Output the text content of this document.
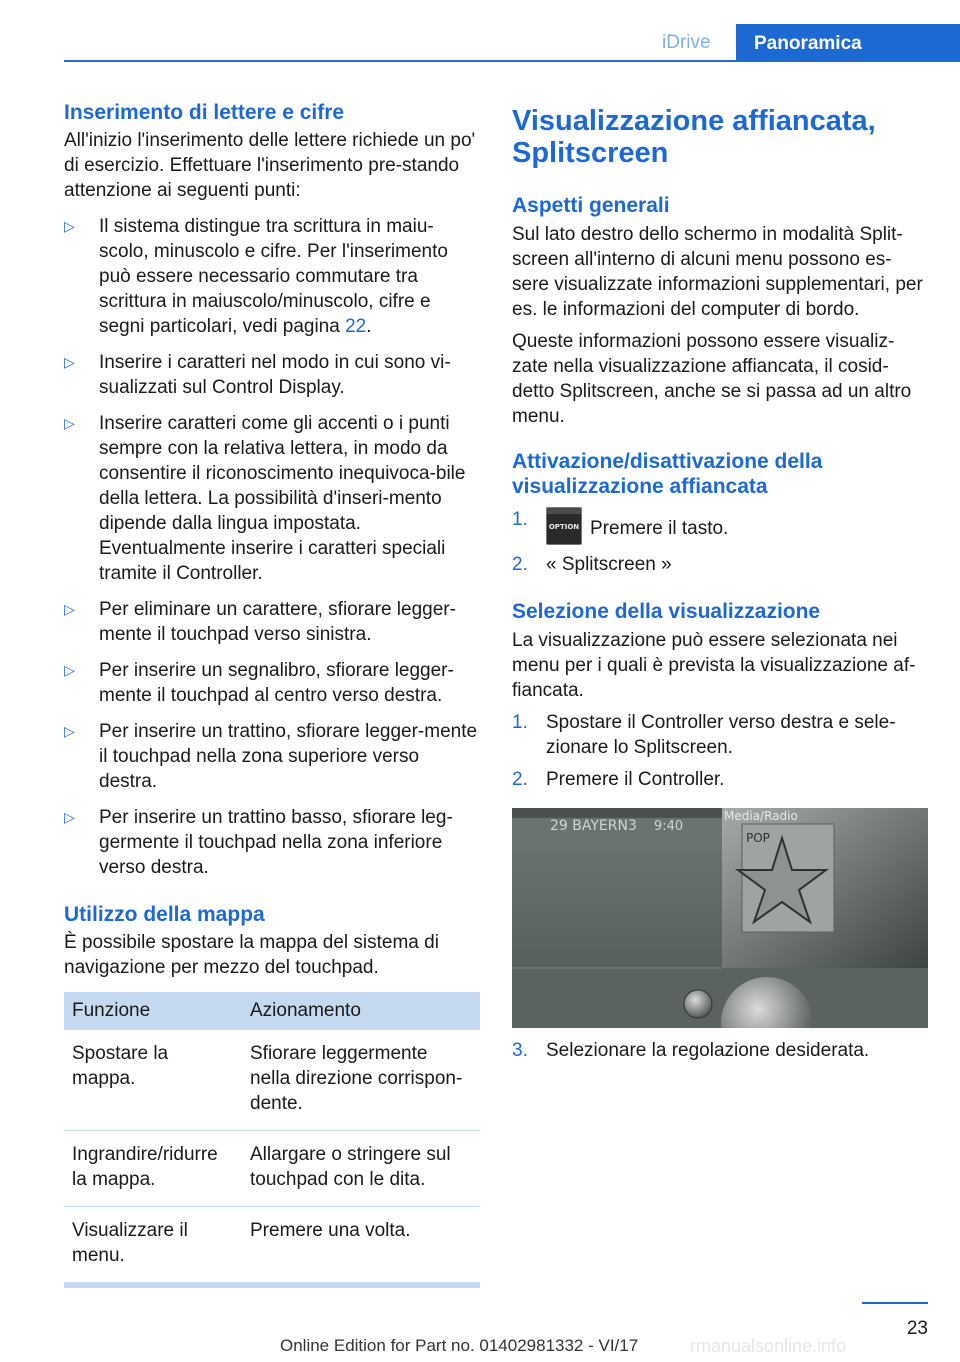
iDrive	Panoramica
Inserimento di lettere e cifre

All'inizio l'inserimento delle lettere richiede un po' di esercizio. Effettuare l'inserimento pre-stando attenzione ai seguenti punti:

▷	Il sistema distingue tra scrittura in maiu-scolo, minuscolo e cifre. Per l'inserimento può essere necessario commutare tra scrittura in maiuscolo/minuscolo, cifre e segni particolari, vedi pagina 22.
▷	Inserire i caratteri nel modo in cui sono vi-sualizzati sul Control Display.
▷	Inserire caratteri come gli accenti o i punti sempre con la relativa lettera, in modo da consentire il riconoscimento inequivoca-bile della lettera. La possibilità d'inseri-mento dipende dalla lingua impostata. Eventualmente inserire i caratteri speciali tramite il Controller.
▷	Per eliminare un carattere, sfiorare legger-mente il touchpad verso sinistra.
▷	Per inserire un segnalibro, sfiorare legger-mente il touchpad al centro verso destra.
▷	Per inserire un trattino, sfiorare legger-mente il touchpad nella zona superiore verso destra.
▷	Per inserire un trattino basso, sfiorare leg-germente il touchpad nella zona inferiore verso destra.
Utilizzo della mappa

È possibile spostare la mappa del sistema di navigazione per mezzo del touchpad.

Funzione	Azionamento
Spostare la mappa.	Sfiorare leggermente nella direzione corrispon-dente.
Ingrandire/ridurre la mappa.	Allargare o stringere sul touchpad con le dita.
Visualizzare il menu.	Premere una volta.
Visualizzazione affiancata, Splitscreen
Aspetti generali

Sul lato destro dello schermo in modalità Split-screen all'interno di alcuni menu possono es-sere visualizzate informazioni supplementari, per es. le informazioni del computer di bordo.

Queste informazioni possono essere visualiz-zate nella visualizzazione affiancata, il cosid-detto Splitscreen, anche se si passa ad un altro menu.

Attivazione/disattivazione della visualizzazione affiancata
1.	OPTION Premere il tasto.
2. « Splitscreen »
Selezione della visualizzazione

La visualizzazione può essere selezionata nei menu per i quali è prevista la visualizzazione af-fiancata.

1. Spostare il Controller verso destra e sele-zionare lo Splitscreen.
2. Premere il Controller.
29 BAYERN3 9:40
Media/Radio
POP
3. Selezionare la regolazione desiderata.
23
rmanualsonline.info
Online Edition for Part no. 01402981332 - VI/17
